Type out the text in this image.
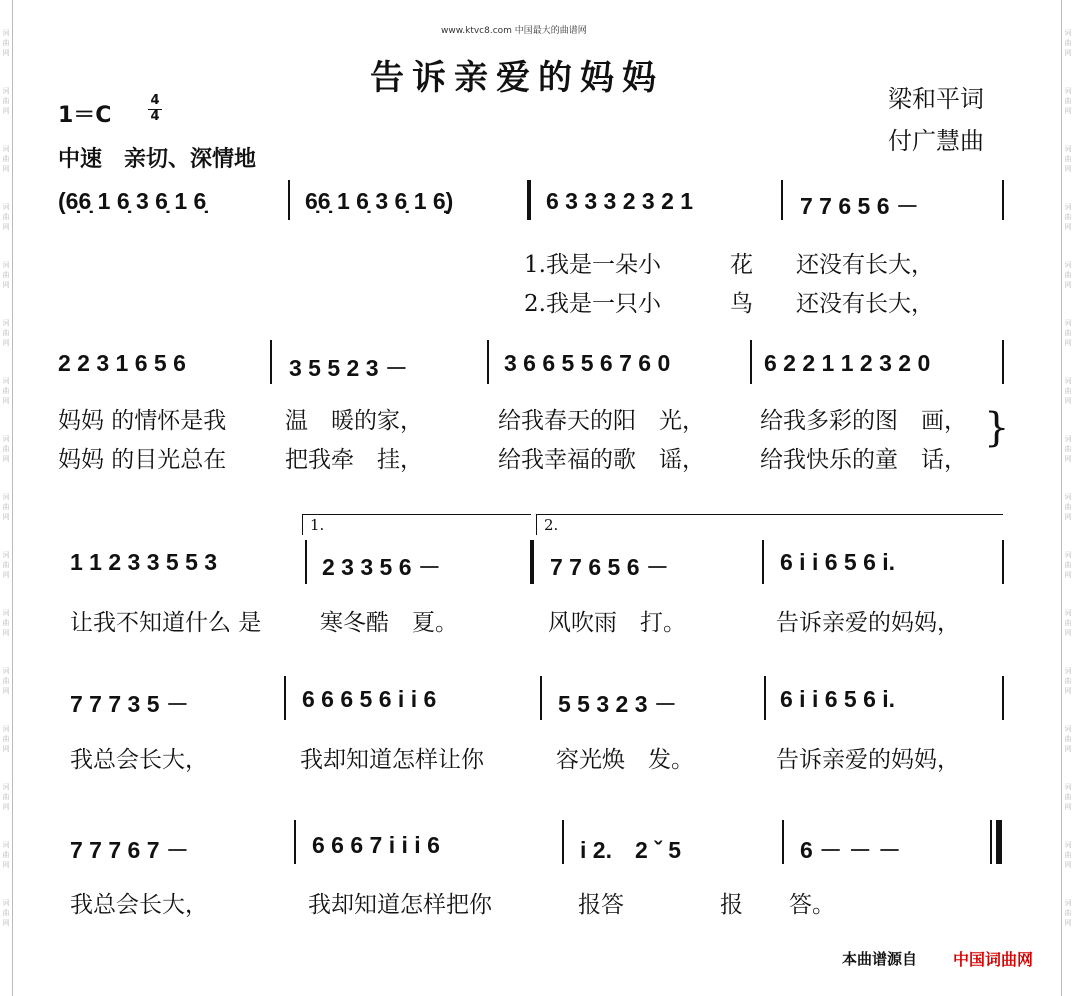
词
曲
网
词
曲
网
词
曲
网
词
曲
网
词
曲
网
词
曲
网
词
曲
网
词
曲
网
词
曲
网
词
曲
网
词
曲
网
词
曲
网
词
曲
网
词
曲
网
词
曲
网
词
曲
网
词
曲
网
词
曲
网
词
曲
网
词
曲
网
词
曲
网
词
曲
网
词
曲
网
词
曲
网
词
曲
网
词
曲
网
词
曲
网
词
曲
网
词
曲
网
词
曲
网
词
曲
网
词
曲
网
www.ktvc8.com 中国最大的曲谱网
告诉亲爱的妈妈
1＝C
4
4
中速　亲切、深情地
梁和平词
付广慧曲
(6̣6̣ 1 6̣ 3 6̣ 1 6̣	6̣6̣ 1 6̣ 3 6̣ 1 6̣)	6 3 3 3 2 3 2 1	7 7 6 5 6 －
1.我是一朵小	花 还没有长大，
2.我是一只小	鸟 还没有长大，
2 2 3 1 6 5 6	3 5 5 2 3 －	3 6 6 5 5 6 7 6 0	6 2 2 1 1 2 3 2 0
妈妈 的情怀是我	温　暖的家，	给我春天的阳　光， 给我多彩的图　画，
妈妈 的目光总在	把我牵　挂，	给我幸福的歌　谣， 给我快乐的童　话，
}
1.	2.
1 1 2 3 3 5 5 3	2 3 3 5 6 －	7 7 6 5 6 －	6 i i 6 5 6 i.
让我不知道什么 是	寒冬酷　夏。	风吹雨　打。	告诉亲爱的妈妈，
7 7 7 3 5 －	6 6 6 5 6 i i 6	5 5 3 2 3 －	6 i i 6 5 6 i.
我总会长大，	我却知道怎样让你	容光焕　发。	告诉亲爱的妈妈，
7 7 7 6 7 －	6 6 6 7 i i i 6	i 2.　2 ˇ 5	6 － － －
我总会长大，	我却知道怎样把你	报答	报　　答。
本曲谱源自 中国词曲网
